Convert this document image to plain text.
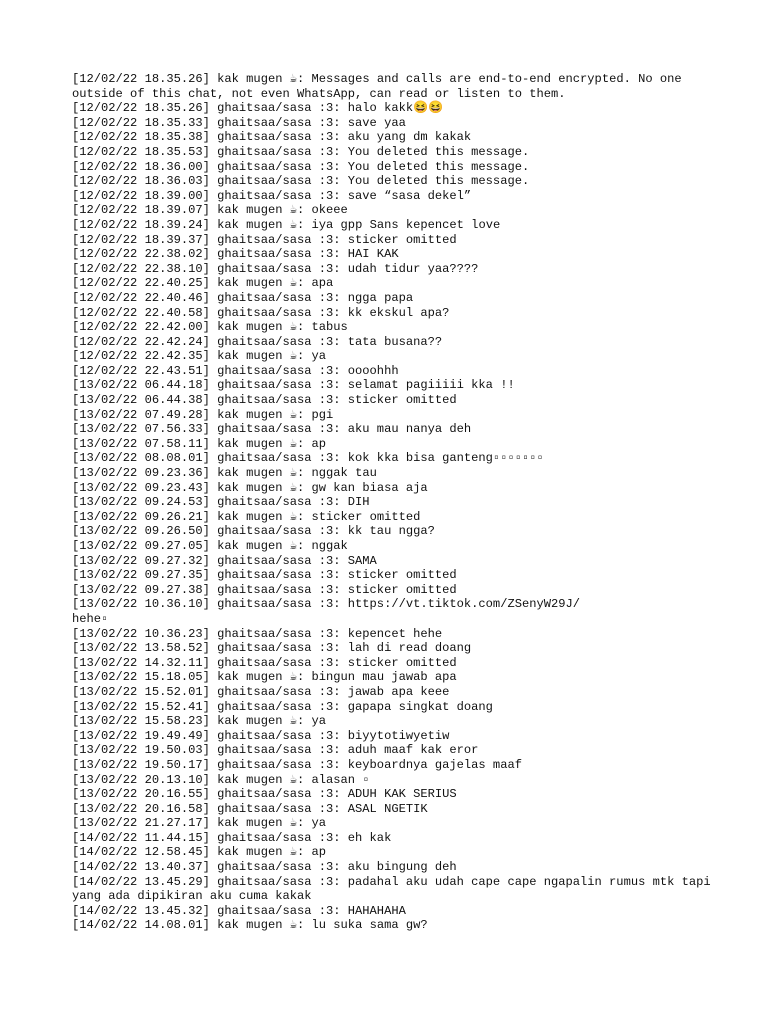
[12/02/22 18.35.26] kak mugen ☕: Messages and calls are end-to-end encrypted. No one outside of this chat, not even WhatsApp, can read or listen to them.
[12/02/22 18.35.26] ghaitsaa/sasa :3: halo kakk😆😆
[12/02/22 18.35.33] ghaitsaa/sasa :3: save yaa
[12/02/22 18.35.38] ghaitsaa/sasa :3: aku yang dm kakak
[12/02/22 18.35.53] ghaitsaa/sasa :3: You deleted this message.
[12/02/22 18.36.00] ghaitsaa/sasa :3: You deleted this message.
[12/02/22 18.36.03] ghaitsaa/sasa :3: You deleted this message.
[12/02/22 18.39.00] ghaitsaa/sasa :3: save “sasa dekel”
[12/02/22 18.39.07] kak mugen ☕: okeee
[12/02/22 18.39.24] kak mugen ☕: iya gpp Sans kepencet love
[12/02/22 18.39.37] ghaitsaa/sasa :3: sticker omitted
[12/02/22 22.38.02] ghaitsaa/sasa :3: HAI KAK
[12/02/22 22.38.10] ghaitsaa/sasa :3: udah tidur yaa????
[12/02/22 22.40.25] kak mugen ☕: apa
[12/02/22 22.40.46] ghaitsaa/sasa :3: ngga papa
[12/02/22 22.40.58] ghaitsaa/sasa :3: kk ekskul apa?
[12/02/22 22.42.00] kak mugen ☕: tabus
[12/02/22 22.42.24] ghaitsaa/sasa :3: tata busana??
[12/02/22 22.42.35] kak mugen ☕: ya
[12/02/22 22.43.51] ghaitsaa/sasa :3: oooohhh
[13/02/22 06.44.18] ghaitsaa/sasa :3: selamat pagiiiii kka !!
[13/02/22 06.44.38] ghaitsaa/sasa :3: sticker omitted
[13/02/22 07.49.28] kak mugen ☕: pgi
[13/02/22 07.56.33] ghaitsaa/sasa :3: aku mau nanya deh
[13/02/22 07.58.11] kak mugen ☕: ap
[13/02/22 08.08.01] ghaitsaa/sasa :3: kok kka bisa ganteng▫▫▫▫▫▫▫
[13/02/22 09.23.36] kak mugen ☕: nggak tau
[13/02/22 09.23.43] kak mugen ☕: gw kan biasa aja
[13/02/22 09.24.53] ghaitsaa/sasa :3: DIH
[13/02/22 09.26.21] kak mugen ☕: sticker omitted
[13/02/22 09.26.50] ghaitsaa/sasa :3: kk tau ngga?
[13/02/22 09.27.05] kak mugen ☕: nggak
[13/02/22 09.27.32] ghaitsaa/sasa :3: SAMA
[13/02/22 09.27.35] ghaitsaa/sasa :3: sticker omitted
[13/02/22 09.27.38] ghaitsaa/sasa :3: sticker omitted
[13/02/22 10.36.10] ghaitsaa/sasa :3: https://vt.tiktok.com/ZSenyW29J/
hehe▫
[13/02/22 10.36.23] ghaitsaa/sasa :3: kepencet hehe
[13/02/22 13.58.52] ghaitsaa/sasa :3: lah di read doang
[13/02/22 14.32.11] ghaitsaa/sasa :3: sticker omitted
[13/02/22 15.18.05] kak mugen ☕: bingun mau jawab apa
[13/02/22 15.52.01] ghaitsaa/sasa :3: jawab apa keee
[13/02/22 15.52.41] ghaitsaa/sasa :3: gapapa singkat doang
[13/02/22 15.58.23] kak mugen ☕: ya
[13/02/22 19.49.49] ghaitsaa/sasa :3: biyytotiwyetiw
[13/02/22 19.50.03] ghaitsaa/sasa :3: aduh maaf kak eror
[13/02/22 19.50.17] ghaitsaa/sasa :3: keyboardnya gajelas maaf
[13/02/22 20.13.10] kak mugen ☕: alasan ▫
[13/02/22 20.16.55] ghaitsaa/sasa :3: ADUH KAK SERIUS
[13/02/22 20.16.58] ghaitsaa/sasa :3: ASAL NGETIK
[13/02/22 21.27.17] kak mugen ☕: ya
[14/02/22 11.44.15] ghaitsaa/sasa :3: eh kak
[14/02/22 12.58.45] kak mugen ☕: ap
[14/02/22 13.40.37] ghaitsaa/sasa :3: aku bingung deh
[14/02/22 13.45.29] ghaitsaa/sasa :3: padahal aku udah cape cape ngapalin rumus mtk tapi yang ada dipikiran aku cuma kakak
[14/02/22 13.45.32] ghaitsaa/sasa :3: HAHAHAHA
[14/02/22 14.08.01] kak mugen ☕: lu suka sama gw?
